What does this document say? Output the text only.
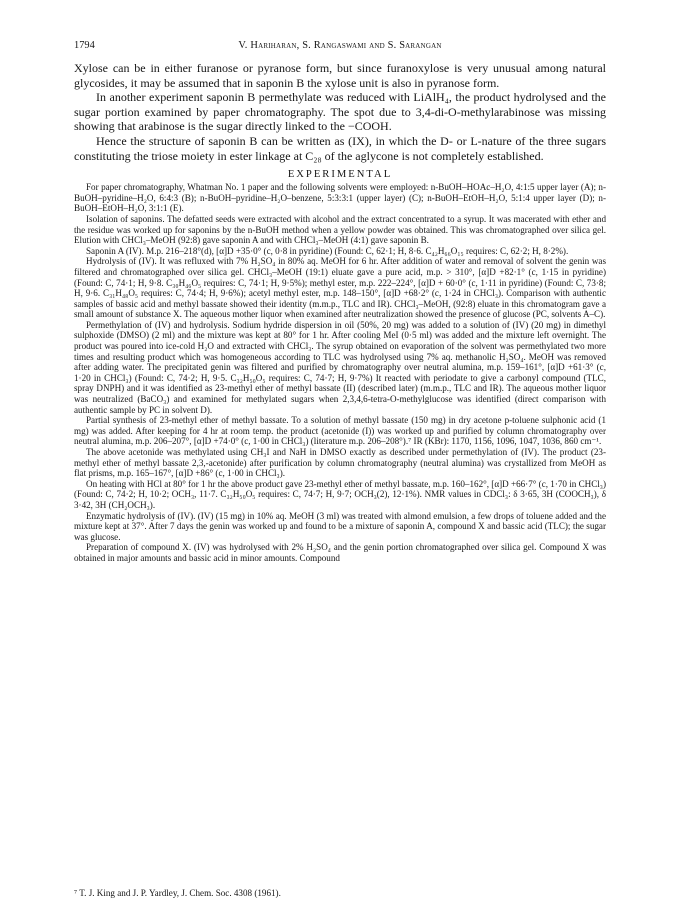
1794	V. Hariharan, S. Rangaswami and S. Sarangan

Xylose can be in either furanose or pyranose form, but since furanoxylose is very unusual among natural glycosides, it may be assumed that in saponin B the xylose unit is also in pyranose form.

In another experiment saponin B permethylate was reduced with LiAlH₄, the product hydrolysed and the sugar portion examined by paper chromatography. The spot due to 3,4-di-O-methylarabinose was missing showing that arabinose is the sugar directly linked to the −COOH.

Hence the structure of saponin B can be written as (IX), in which the D- or L-nature of the three sugars constituting the triose moiety in ester linkage at C₂₈ of the aglycone is not completely established.

EXPERIMENTAL

For paper chromatography, Whatman No. 1 paper and the following solvents were employed: n-BuOH–HOAc–H₂O, 4:1:5 upper layer (A); n-BuOH–pyridine–H₂O, 6:4:3 (B); n-BuOH–pyridine–H₂O–benzene, 5:3:3:1 (upper layer) (C); n-BuOH–EtOH–H₂O, 5:1:4 upper layer (D); n-BuOH–EtOH–H₂O, 3:1:1 (E).

Isolation of saponins. The defatted seeds were extracted with alcohol and the extract concentrated to a syrup. It was macerated with ether and the residue was worked up for saponins by the n-BuOH method when a yellow powder was obtained. This was chromatographed over silica gel. Elution with CHCl₃–MeOH (92:8) gave saponin A and with CHCl₃–MeOH (4:1) gave saponin B.

Saponin A (IV). M.p. 216–218°(d), [α]D +35·0° (c, 0·8 in pyridine) (Found: C, 62·1; H, 8·6. C₄₂H₆₆O₁₅ requires: C, 62·2; H, 8·2%).

Hydrolysis of (IV). It was refluxed with 7% H₂SO₄ in 80% aq. MeOH for 6 hr. After addition of water and removal of solvent the genin was filtered and chromatographed over silica gel. CHCl₃–MeOH (19:1) eluate gave a pure acid, m.p. > 310°, [α]D +82·1° (c, 1·15 in pyridine) (Found: C, 74·1; H, 9·8. C₃₀H₄₆O₅ requires: C, 74·1; H, 9·5%); methyl ester, m.p. 222–224°, [α]D + 60·0° (c, 1·11 in pyridine) (Found: C, 73·8; H, 9·6. C₃₁H₄₈O₅ requires: C, 74·4; H, 9·6%); acetyl methyl ester, m.p. 148–150°, [α]D +68·2° (c, 1·24 in CHCl₃). Comparison with authentic samples of bassic acid and methyl bassate showed their identity (m.m.p., TLC and IR). CHCl₃–MeOH, (92:8) eluate in this chromatogram gave a small amount of substance X. The aqueous mother liquor when examined after neutralization showed the presence of glucose (PC, solvents A–C).

Permethylation of (IV) and hydrolysis. Sodium hydride dispersion in oil (50%, 20 mg) was added to a solution of (IV) (20 mg) in dimethyl sulphoxide (DMSO) (2 ml) and the mixture was kept at 80° for 1 hr. After cooling MeI (0·5 ml) was added and the mixture left overnight. The product was poured into ice-cold H₂O and extracted with CHCl₃. The syrup obtained on evaporation of the solvent was permethylated two more times and resulting product which was homogeneous according to TLC was hydrolysed using 7% aq. methanolic H₂SO₄. MeOH was removed after adding water. The precipitated genin was filtered and purified by chromatography over neutral alumina, m.p. 159–161°, [α]D +61·3° (c, 1·20 in CHCl₃) (Found: C, 74·2; H, 9·5. C₃₂H₅₀O₅ requires: C, 74·7; H, 9·7%) It reacted with periodate to give a carbonyl compound (TLC, spray DNPH) and it was identified as 23-methyl ether of methyl bassate (II) (described later) (m.m.p., TLC and IR). The aqueous mother liquor was neutralized (BaCO₃) and examined for methylated sugars when 2,3,4,6-tetra-O-methylglucose was identified (direct comparison with authentic sample by PC in solvent D).

Partial synthesis of 23-methyl ether of methyl bassate. To a solution of methyl bassate (150 mg) in dry acetone p-toluene sulphonic acid (1 mg) was added. After keeping for 4 hr at room temp. the product (acetonide (I)) was worked up and purified by column chromatography over neutral alumina, m.p. 206–207°, [α]D +74·0° (c, 1·00 in CHCl₃) (literature m.p. 206–208°).⁷ IR (KBr): 1170, 1156, 1096, 1047, 1036, 860 cm⁻¹.

The above acetonide was methylated using CH₃I and NaH in DMSO exactly as described under permethylation of (IV). The product (23-methyl ether of methyl bassate 2,3,-acetonide) after purification by column chromatography (neutral alumina) was crystallized from MeOH as flat prisms, m.p. 165–167°, [α]D +86° (c, 1·00 in CHCl₃).

On heating with HCl at 80° for 1 hr the above product gave 23-methyl ether of methyl bassate, m.p. 160–162°, [α]D +66·7° (c, 1·70 in CHCl₃) (Found: C, 74·2; H, 10·2; OCH₃, 11·7. C₃₂H₅₀O₅ requires: C, 74·7; H, 9·7; OCH₃(2), 12·1%). NMR values in CDCl₃: δ 3·65, 3H (COOCH₃), δ 3·42, 3H (CH₂OCH₃).

Enzymatic hydrolysis of (IV). (IV) (15 mg) in 10% aq. MeOH (3 ml) was treated with almond emulsion, a few drops of toluene added and the mixture kept at 37°. After 7 days the genin was worked up and found to be a mixture of saponin A, compound X and bassic acid (TLC); the sugar was glucose.

Preparation of compound X. (IV) was hydrolysed with 2% H₂SO₄ and the genin portion chromatographed over silica gel. Compound X was obtained in major amounts and bassic acid in minor amounts. Compound

⁷ T. J. King and J. P. Yardley, J. Chem. Soc. 4308 (1961).
